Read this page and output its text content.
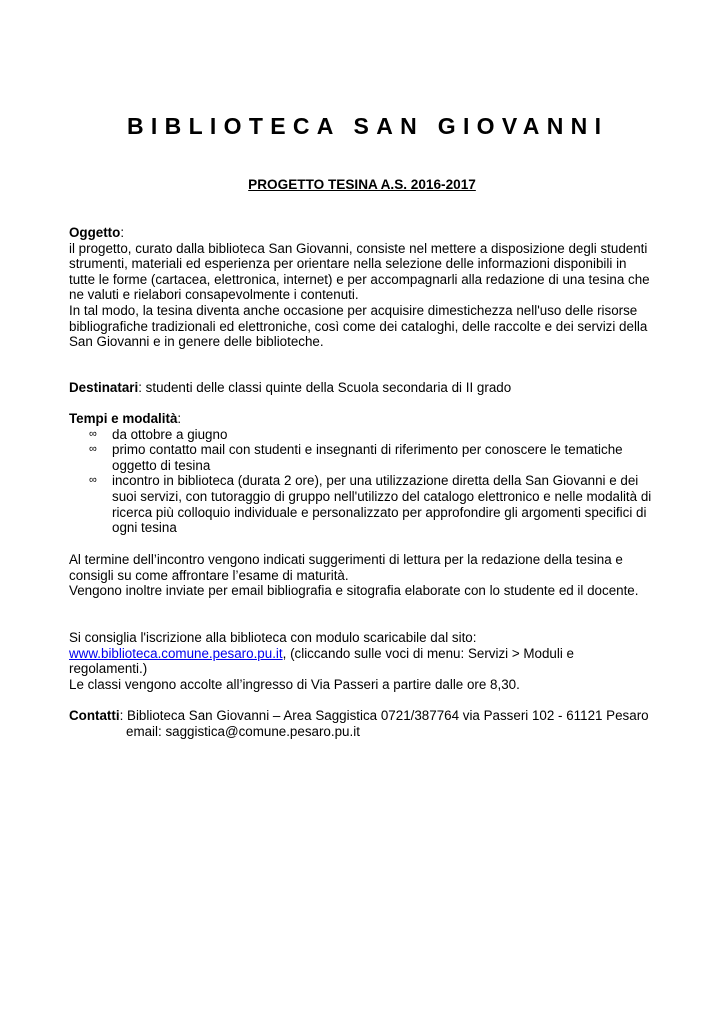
BIBLIOTECA SAN GIOVANNI
PROGETTO TESINA A.S. 2016-2017

Oggetto:

il progetto, curato dalla biblioteca San Giovanni, consiste nel mettere a disposizione degli studenti

strumenti, materiali ed esperienza per orientare nella selezione delle informazioni disponibili in

tutte le forme (cartacea, elettronica, internet) e per accompagnarli alla redazione di una tesina che

ne valuti e rielabori consapevolmente i contenuti.

In tal modo, la tesina diventa anche occasione per acquisire dimestichezza nell'uso delle risorse

bibliografiche tradizionali ed elettroniche, così come dei cataloghi, delle raccolte e dei servizi della

San Giovanni e in genere delle biblioteche.

Destinatari: studenti delle classi quinte della Scuola secondaria di II grado

Tempi e modalità:

∞ da ottobre a giugno
∞ primo contatto mail con studenti e insegnanti di riferimento per conoscere le tematiche
oggetto di tesina
∞ incontro in biblioteca (durata 2 ore), per una utilizzazione diretta della San Giovanni e dei
suoi servizi, con tutoraggio di gruppo nell'utilizzo del catalogo elettronico e nelle modalità di
ricerca più colloquio individuale e personalizzato per approfondire gli argomenti specifici di
ogni tesina

Al termine dell’incontro vengono indicati suggerimenti di lettura per la redazione della tesina e

consigli su come affrontare l’esame di maturità.

Vengono inoltre inviate per email bibliografia e sitografia elaborate con lo studente ed il docente.

Si consiglia l'iscrizione alla biblioteca con modulo scaricabile dal sito:

www.biblioteca.comune.pesaro.pu.it, (cliccando sulle voci di menu: Servizi > Moduli e

regolamenti.)

Le classi vengono accolte all’ingresso di Via Passeri a partire dalle ore 8,30.

Contatti: Biblioteca San Giovanni – Area Saggistica 0721/387764 via Passeri 102 - 61121 Pesaro

email: saggistica@comune.pesaro.pu.it
